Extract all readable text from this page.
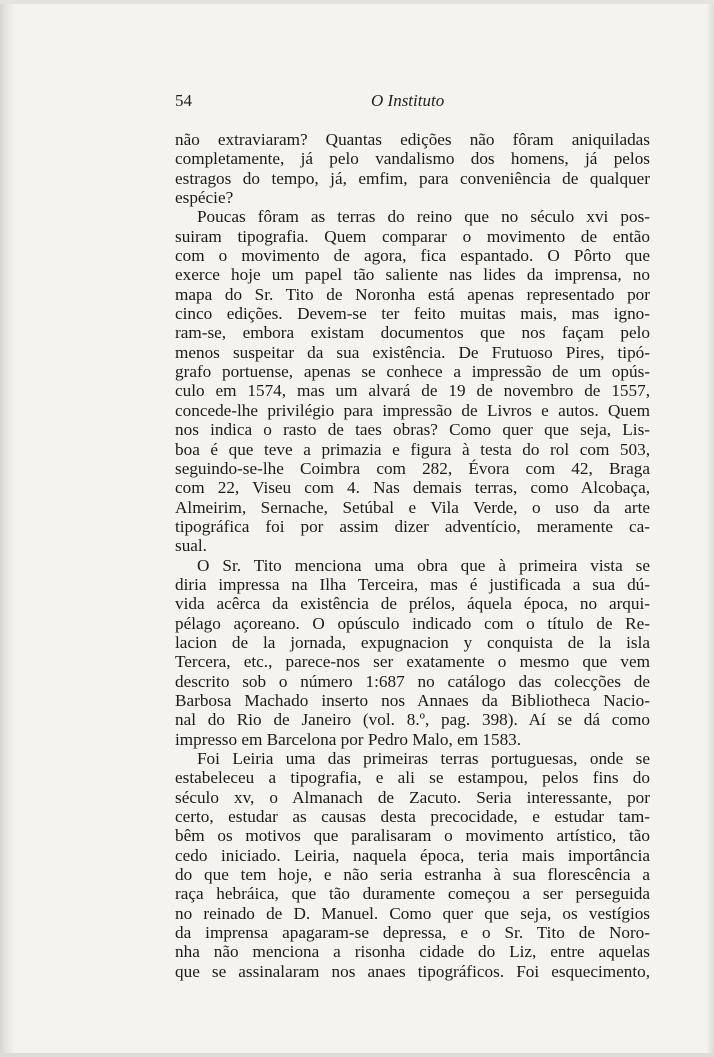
54	O Instituto
não extraviaram? Quantas edições não fôram aniquiladas
completamente, já pelo vandalismo dos homens, já pelos
estragos do tempo, já, emfim, para conveniência de qualquer
espécie?
Poucas fôram as terras do reino que no século xvi pos-
suiram tipografia. Quem comparar o movimento de então
com o movimento de agora, fica espantado. O Pôrto que
exerce hoje um papel tão saliente nas lides da imprensa, no
mapa do Sr. Tito de Noronha está apenas representado por
cinco edições. Devem-se ter feito muitas mais, mas igno-
ram-se, embora existam documentos que nos façam pelo
menos suspeitar da sua existência. De Frutuoso Pires, tipó-
grafo portuense, apenas se conhece a impressão de um opús-
culo em 1574, mas um alvará de 19 de novembro de 1557,
concede-lhe privilégio para impressão de Livros e autos. Quem
nos indica o rasto de taes obras? Como quer que seja, Lis-
boa é que teve a primazia e figura à testa do rol com 503,
seguindo-se-lhe Coimbra com 282, Évora com 42, Braga
com 22, Viseu com 4. Nas demais terras, como Alcobaça,
Almeirim, Sernache, Setúbal e Vila Verde, o uso da arte
tipográfica foi por assim dizer adventício, meramente ca-
sual.
O Sr. Tito menciona uma obra que à primeira vista se
diria impressa na Ilha Terceira, mas é justificada a sua dú-
vida acêrca da existência de prélos, áquela época, no arqui-
pélago açoreano. O opúsculo indicado com o título de Re-
lacion de la jornada, expugnacion y conquista de la isla
Tercera, etc., parece-nos ser exatamente o mesmo que vem
descrito sob o número 1:687 no catálogo das colecções de
Barbosa Machado inserto nos Annaes da Bibliotheca Nacio-
nal do Rio de Janeiro (vol. 8.º, pag. 398). Aí se dá como
impresso em Barcelona por Pedro Malo, em 1583.
Foi Leiria uma das primeiras terras portuguesas, onde se
estabeleceu a tipografia, e ali se estampou, pelos fins do
século xv, o Almanach de Zacuto. Seria interessante, por
certo, estudar as causas desta precocidade, e estudar tam-
bêm os motivos que paralisaram o movimento artístico, tão
cedo iniciado. Leiria, naquela época, teria mais importância
do que tem hoje, e não seria estranha à sua florescência a
raça hebráica, que tão duramente começou a ser perseguida
no reinado de D. Manuel. Como quer que seja, os vestígios
da imprensa apagaram-se depressa, e o Sr. Tito de Noro-
nha não menciona a risonha cidade do Liz, entre aquelas
que se assinalaram nos anaes tipográficos. Foi esquecimento,
